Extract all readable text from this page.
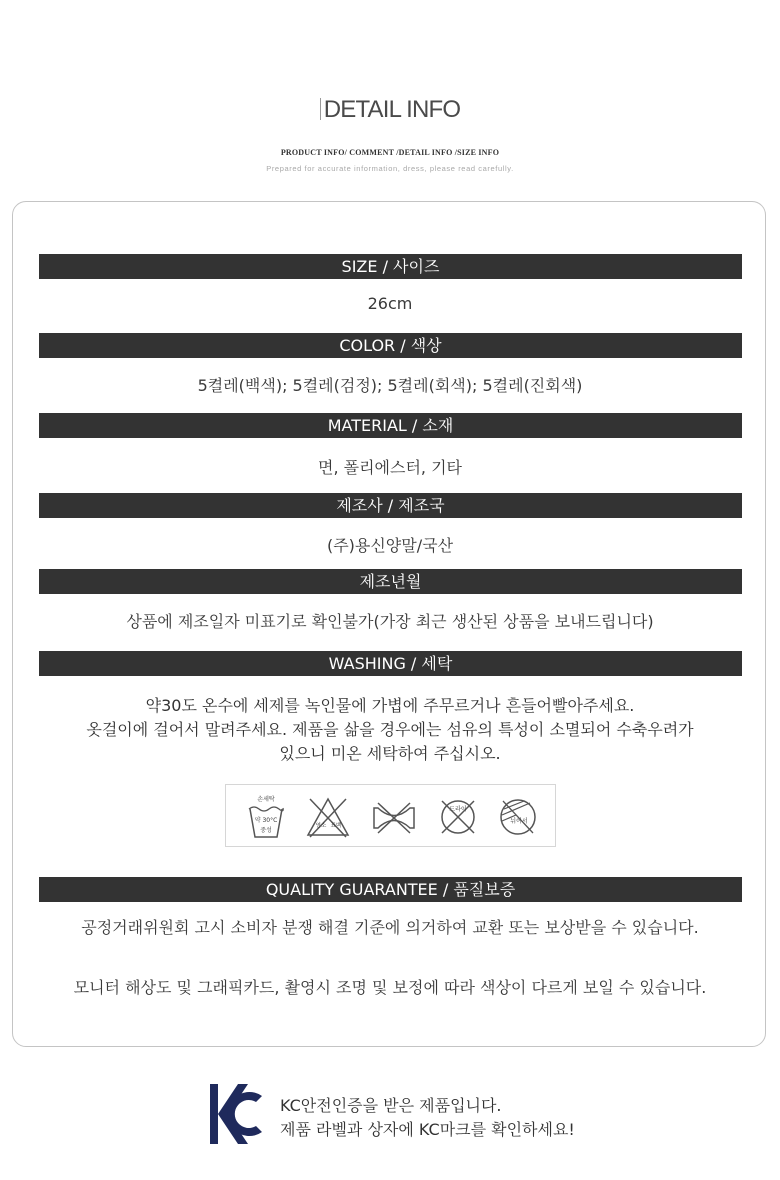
DETAIL INFO
PRODUCT INFO/ COMMENT /DETAIL INFO /SIZE INFO
Prepared for accurate information, dress, please read carefully.
SIZE / 사이즈
26cm
COLOR / 색상
5켤레(백색); 5켤레(검정); 5켤레(회색); 5켤레(진회색)
MATERIAL / 소재
면, 폴리에스터, 기타
제조사 / 제조국
(주)용신양말/국산
제조년월
상품에 제조일자 미표기로 확인불가(가장 최근 생산된 상품을 보내드립니다)
WASHING / 세탁
약30도 온수에 세제를 녹인물에 가볍에 주무르거나 흔들어빨아주세요.
옷걸이에 걸어서 말려주세요. 제품을 삶을 경우에는 섬유의 특성이 소멸되어 수축우려가
있으니 미온 세탁하여 주십시오.
손세탁
약 30°C
중성
염소 표백
드라이
뉘어서
QUALITY GUARANTEE / 품질보증
공정거래위원회 고시 소비자 분쟁 해결 기준에 의거하여 교환 또는 보상받을 수 있습니다.
모니터 해상도 및 그래픽카드, 촬영시 조명 및 보정에 따라 색상이 다르게 보일 수 있습니다.
KC안전인증을 받은 제품입니다.
제품 라벨과 상자에 KC마크를 확인하세요!
